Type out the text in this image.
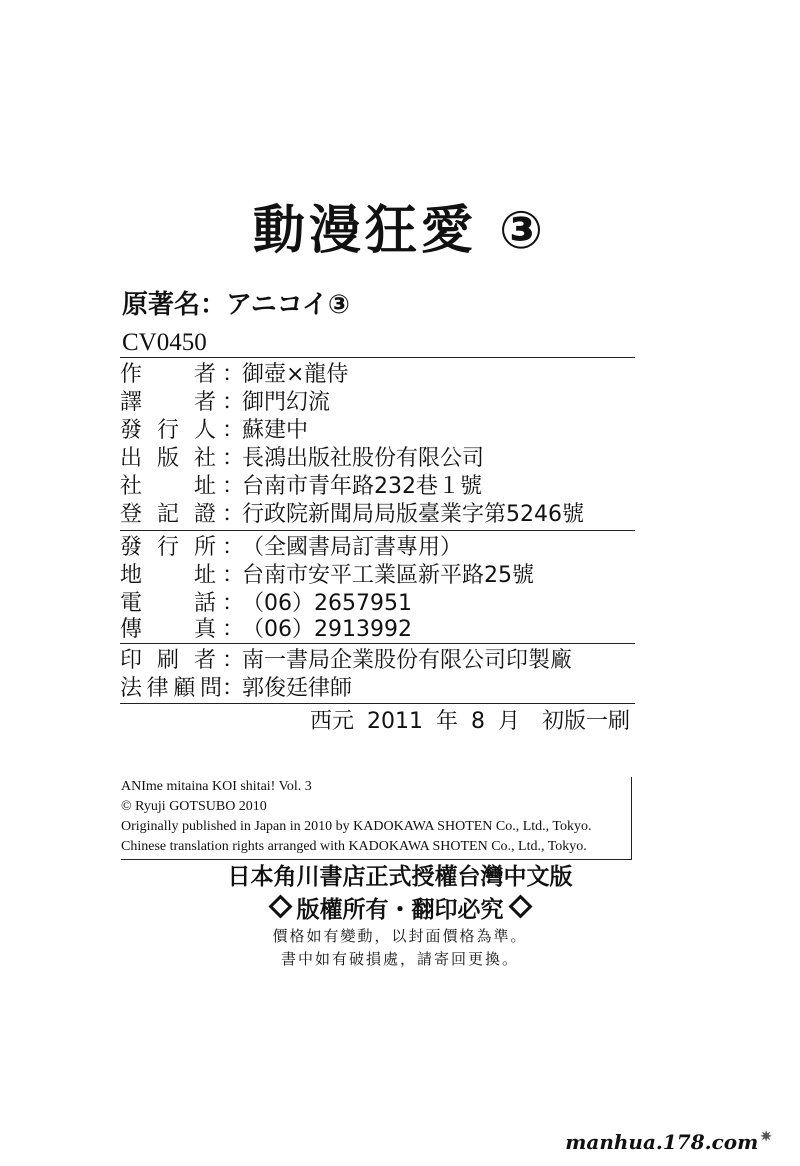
動漫狂愛 ③
原著名：アニコイ③
CV0450
作 者 ：
御壺×龍侍
譯 者 ：
御門幻流
發 行 人 ：
蘇建中
出 版 社 ：
長鴻出版社股份有限公司
社 址 ：
台南市青年路232巷１號
登 記 證 ：
行政院新聞局局版臺業字第5246號
發 行 所 ：
（全國書局訂書專用）
地 址 ：
台南市安平工業區新平路25號
電 話 ：
（06）2657951
傳 真 ：
（06）2913992
印 刷 者 ：
南一書局企業股份有限公司印製廠
法 律 顧 問 ：
郭俊廷律師
西元 2011 年 8 月　初版一刷
ANIme mitaina KOI shitai! Vol. 3
© Ryuji GOTSUBO 2010
Originally published in Japan in 2010 by KADOKAWA SHOTEN Co., Ltd., Tokyo.
Chinese translation rights arranged with KADOKAWA SHOTEN Co., Ltd., Tokyo.
日本角川書店正式授權台灣中文版
版權所有・翻印必究
價格如有變動，以封面價格為準。
書中如有破損處，請寄回更換。
manhua.178.com ✷
